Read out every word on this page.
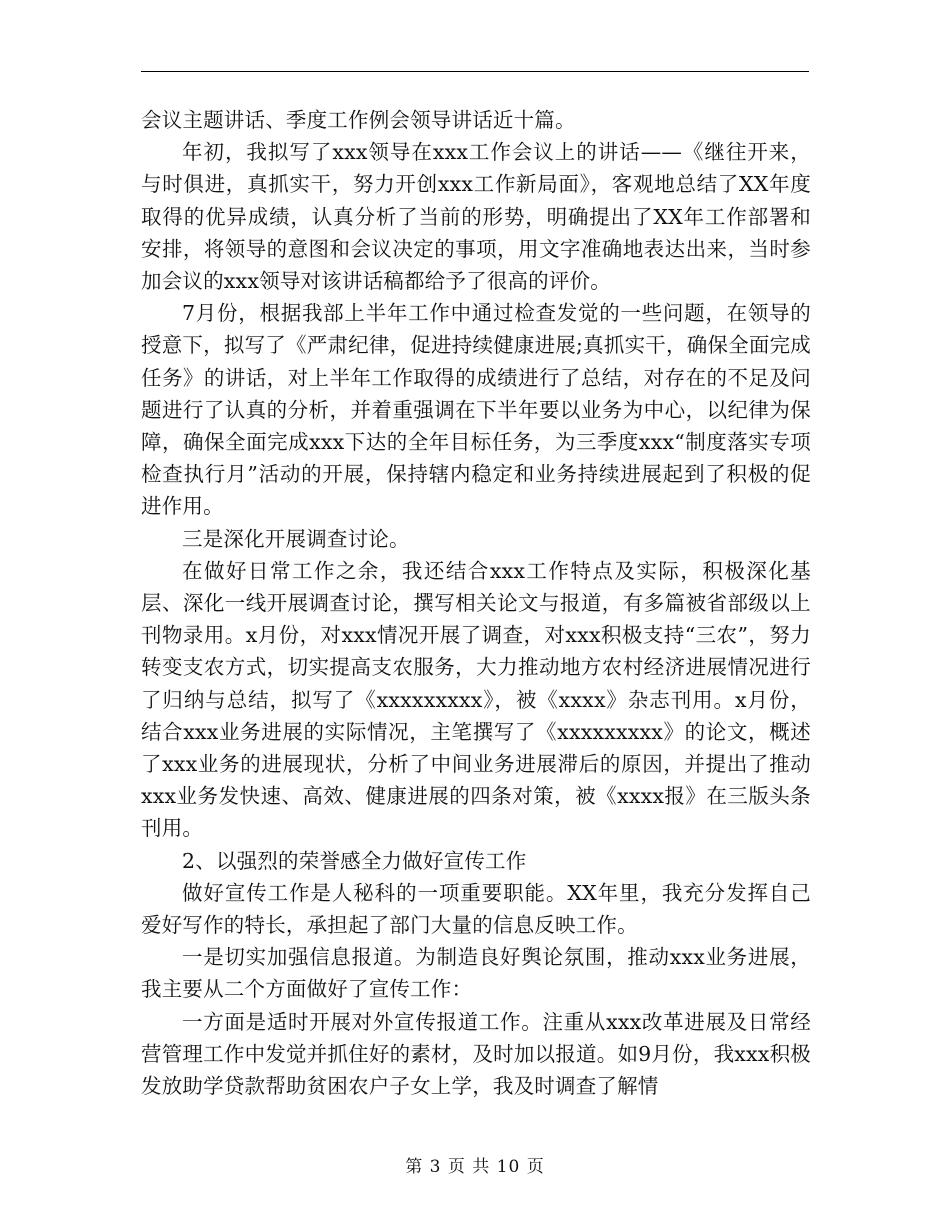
会议主题讲话、季度工作例会领导讲话近十篇。

年初，我拟写了xxx领导在xxx工作会议上的讲话——《继往开来，与时俱进，真抓实干，努力开创xxx工作新局面》，客观地总结了XX年度取得的优异成绩，认真分析了当前的形势，明确提出了XX年工作部署和安排，将领导的意图和会议决定的事项，用文字准确地表达出来，当时参加会议的xxx领导对该讲话稿都给予了很高的评价。

7月份，根据我部上半年工作中通过检查发觉的一些问题，在领导的授意下，拟写了《严肃纪律，促进持续健康进展;真抓实干，确保全面完成任务》的讲话，对上半年工作取得的成绩进行了总结，对存在的不足及问题进行了认真的分析，并着重强调在下半年要以业务为中心，以纪律为保障，确保全面完成xxx下达的全年目标任务，为三季度xxx“制度落实专项检查执行月”活动的开展，保持辖内稳定和业务持续进展起到了积极的促进作用。

三是深化开展调查讨论。

在做好日常工作之余，我还结合xxx工作特点及实际，积极深化基层、深化一线开展调查讨论，撰写相关论文与报道，有多篇被省部级以上刊物录用。x月份，对xxx情况开展了调查，对xxx积极支持“三农”，努力转变支农方式，切实提高支农服务，大力推动地方农村经济进展情况进行了归纳与总结，拟写了《xxxxxxxxx》，被《xxxx》杂志刊用。x月份，结合xxx业务进展的实际情况，主笔撰写了《xxxxxxxxx》的论文，概述了xxx业务的进展现状，分析了中间业务进展滞后的原因，并提出了推动xxx业务发快速、高效、健康进展的四条对策，被《xxxx报》在三版头条刊用。

2、以强烈的荣誉感全力做好宣传工作

做好宣传工作是人秘科的一项重要职能。XX年里，我充分发挥自己爱好写作的特长，承担起了部门大量的信息反映工作。

一是切实加强信息报道。为制造良好舆论氛围，推动xxx业务进展，我主要从二个方面做好了宣传工作：

一方面是适时开展对外宣传报道工作。注重从xxx改革进展及日常经营管理工作中发觉并抓住好的素材，及时加以报道。如9月份，我xxx积极发放助学贷款帮助贫困农户子女上学，我及时调查了解情

第 3 页 共 10 页
